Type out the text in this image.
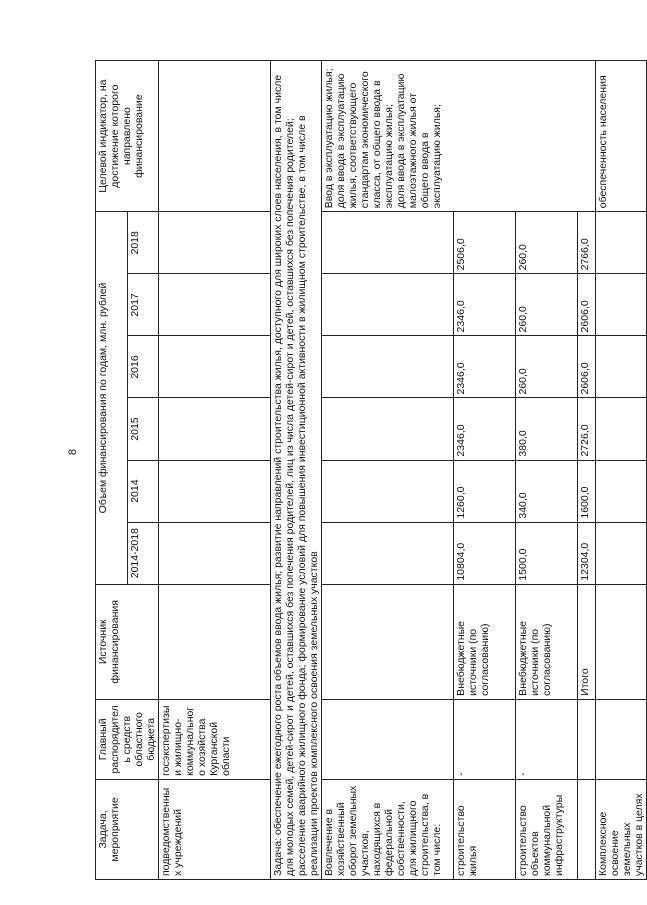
8
Задача, мероприятие	Главный распорядитель средств областного бюджета	Источник финансирования	Объем финансирования по годам, млн. рублей						Целевой индикатор, на достижение которого направлено финансирование
			2014-2018	2014	2015	2016	2017	2018	
подведомственных учреждений	госэкспертизы и жилищно-коммунального хозяйства Курганской области								
Задача: обеспечение ежегодного роста объемов ввода жилья; развитие направлений строительства жилья, доступного для широких слоев населения, в том числе для молодых семей, детей-сирот и детей, оставшихся без попечения родителей, лиц из числа детей-сирот и детей, оставшихся без попечения родителей; расселение аварийного жилищного фонда; формирование условий для повышения инвестиционной активности в жилищном строительстве, в том числе в реализации проектов комплексного освоения земельных участков									
Вовлечение в хозяйственный оборот земельных участков, находящихся в федеральной собственности, для жилищного строительства, в том числе:									Ввод в эксплуатацию жилья; доля ввода в эксплуатацию жилья, соответствующего стандартам экономического класса, от общего ввода в эксплуатацию жилья; доля ввода в эксплуатацию малоэтажного жилья от общего ввода в эксплуатацию жилья;

строительство жилья	-	Внебюджетные источники (по согласованию)	10804,0	1260,0	2346,0	2346,0	2346,0	2506,0	
строительство объектов коммунальной инфраструктуры	-	Внебюджетные источники (по согласованию)	1500,0	340,0	380,0	260,0	260,0	260,0	
		Итого	12304,0	1600,0	2726,0	2606,0	2606,0	2766,0	
Комплексное освоение земельных участков в целях									обеспеченность населения
